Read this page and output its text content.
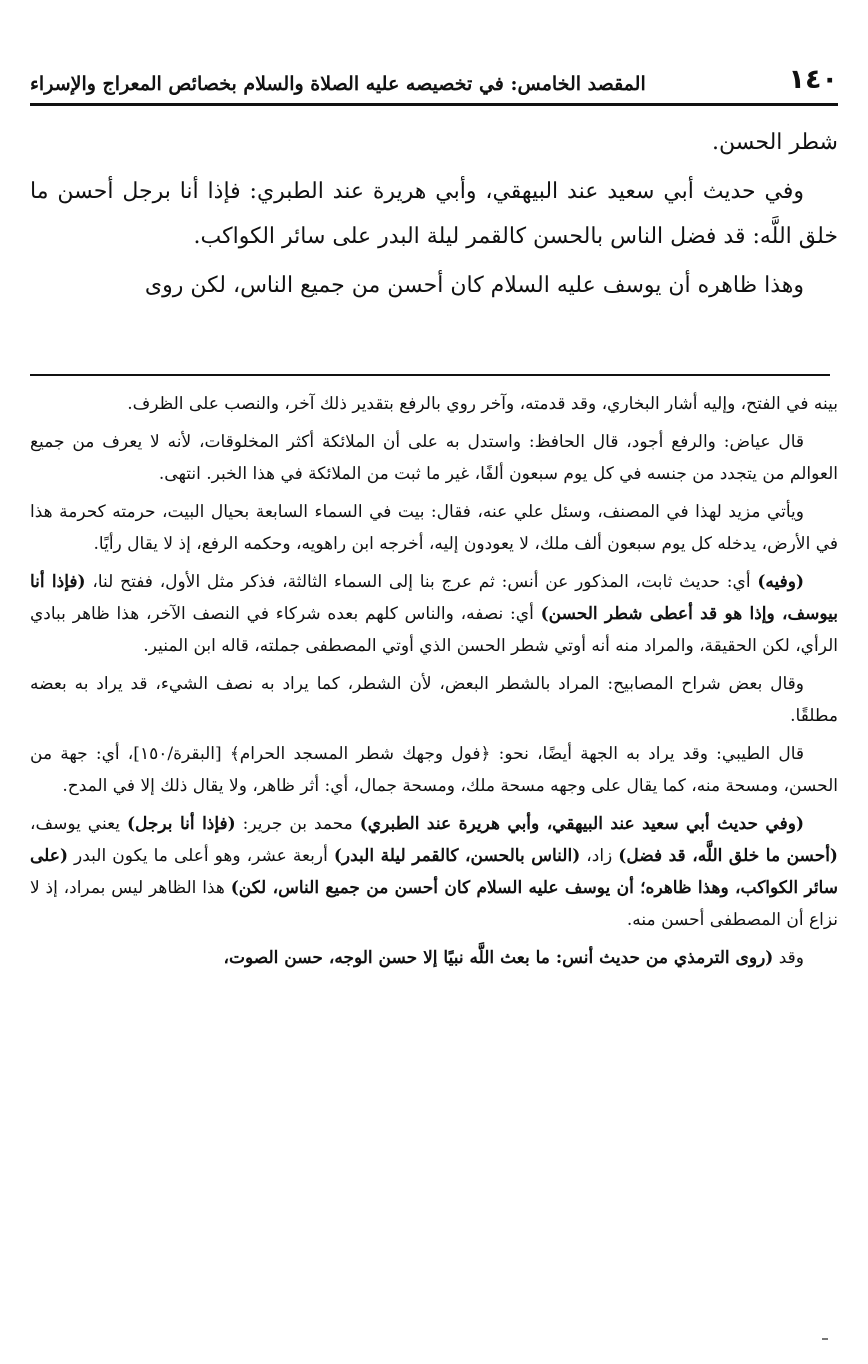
١٤٠
المقصد الخامس: في تخصيصه عليه الصلاة والسلام بخصائص المعراج والإسراء

شطر الحسن.

وفي حديث أبي سعيد عند البيهقي، وأبي هريرة عند الطبري: فإذا أنا برجل أحسن ما خلق اللَّه: قد فضل الناس بالحسن كالقمر ليلة البدر على سائر الكواكب.

وهذا ظاهره أن يوسف عليه السلام كان أحسن من جميع الناس، لكن روى

بينه في الفتح، وإليه أشار البخاري، وقد قدمته، وآخر روي بالرفع بتقدير ذلك آخر، والنصب على الظرف.

قال عياض: والرفع أجود، قال الحافظ: واستدل به على أن الملائكة أكثر المخلوقات، لأنه لا يعرف من جميع العوالم من يتجدد من جنسه في كل يوم سبعون ألفًا، غير ما ثبت من الملائكة في هذا الخبر. انتهى.

ويأتي مزيد لهذا في المصنف، وسئل علي عنه، فقال: بيت في السماء السابعة بحيال البيت، حرمته كحرمة هذا في الأرض، يدخله كل يوم سبعون ألف ملك، لا يعودون إليه، أخرجه ابن راهويه، وحكمه الرفع، إذ لا يقال رأيًا.

(وفيه) أي: حديث ثابت، المذكور عن أنس: ثم عرج بنا إلى السماء الثالثة، فذكر مثل الأول، ففتح لنا، (فإذا أنا بيوسف، وإذا هو قد أعطى شطر الحسن) أي: نصفه، والناس كلهم بعده شركاء في النصف الآخر، هذا ظاهر ببادي الرأي، لكن الحقيقة، والمراد منه أنه أوتي شطر الحسن الذي أوتي المصطفى جملته، قاله ابن المنير.

وقال بعض شراح المصابيح: المراد بالشطر البعض، لأن الشطر، كما يراد به نصف الشيء، قد يراد به بعضه مطلقًا.

قال الطيبي: وقد يراد به الجهة أيضًا، نحو: ﴿فول وجهك شطر المسجد الحرام﴾ [البقرة/١٥٠]، أي: جهة من الحسن، ومسحة منه، كما يقال على وجهه مسحة ملك، ومسحة جمال، أي: أثر ظاهر، ولا يقال ذلك إلا في المدح.

(وفي حديث أبي سعيد عند البيهقي، وأبي هريرة عند الطبري) محمد بن جرير: (فإذا أنا برجل) يعني يوسف، (أحسن ما خلق اللَّه، قد فضل) زاد، (الناس بالحسن، كالقمر ليلة البدر) أربعة عشر، وهو أعلى ما يكون البدر (على سائر الكواكب، وهذا ظاهره؛ أن يوسف عليه السلام كان أحسن من جميع الناس، لكن) هذا الظاهر ليس بمراد، إذ لا نزاع أن المصطفى أحسن منه.

وقد (روى الترمذي من حديث أنس: ما بعث اللَّه نبيًا إلا حسن الوجه، حسن الصوت،
